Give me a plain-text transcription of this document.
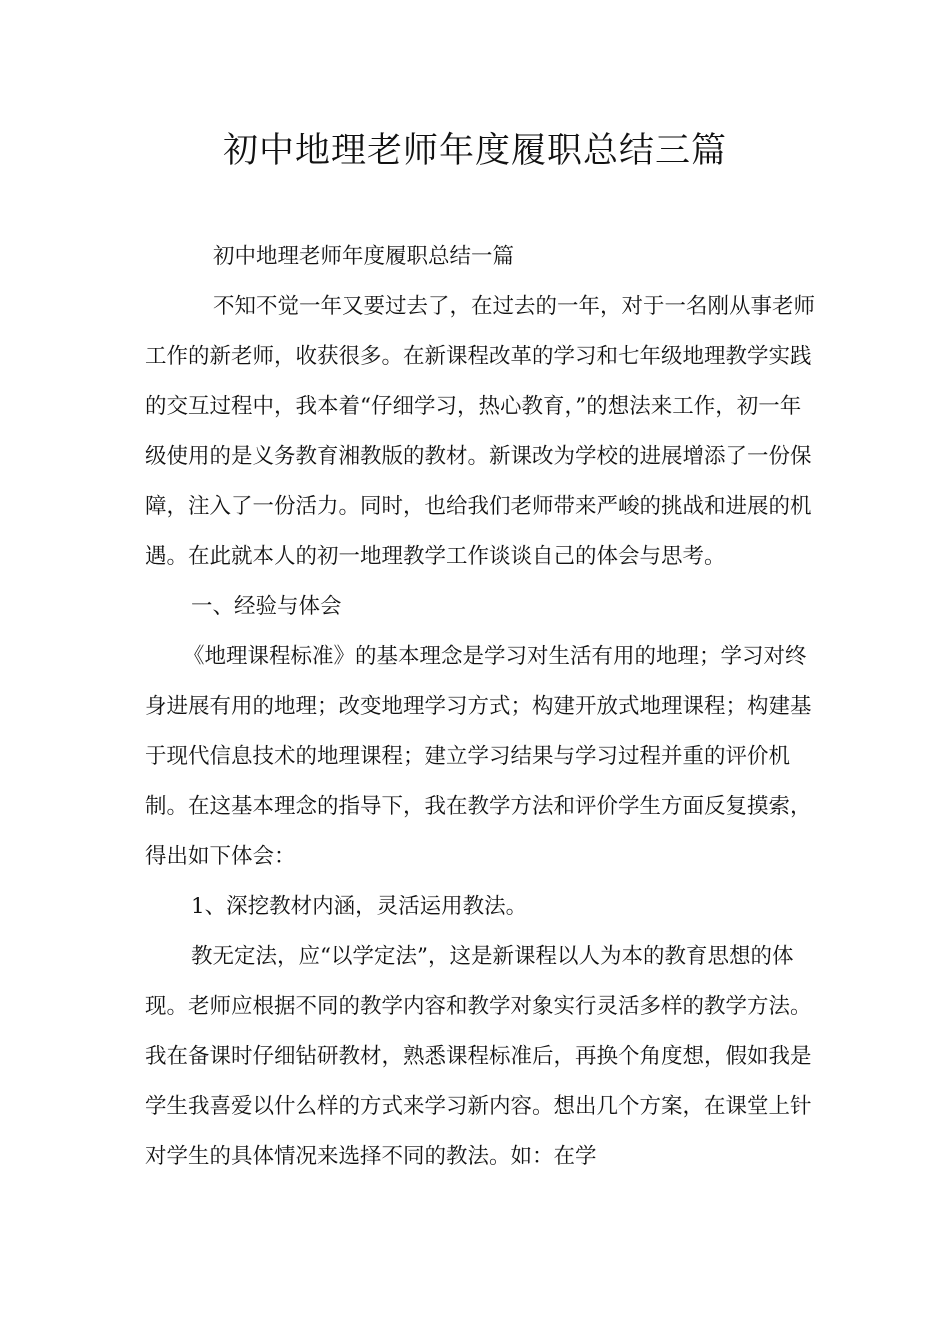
初中地理老师年度履职总结三篇

初中地理老师年度履职总结一篇

不知不觉一年又要过去了，在过去的一年，对于一名刚从事老师工作的新老师，收获很多。在新课程改革的学习和七年级地理教学实践的交互过程中，我本着“仔细学习，热心教育，”的想法来工作，初一年级使用的是义务教育湘教版的教材。新课改为学校的进展增添了一份保障，注入了一份活力。同时，也给我们老师带来严峻的挑战和进展的机遇。在此就本人的初一地理教学工作谈谈自己的体会与思考。

一、经验与体会

《地理课程标准》的基本理念是学习对生活有用的地理；学习对终身进展有用的地理；改变地理学习方式；构建开放式地理课程；构建基于现代信息技术的地理课程；建立学习结果与学习过程并重的评价机制。在这基本理念的指导下，我在教学方法和评价学生方面反复摸索，得出如下体会：

1、深挖教材内涵，灵活运用教法。

教无定法，应“以学定法”，这是新课程以人为本的教育思想的体现。老师应根据不同的教学内容和教学对象实行灵活多样的教学方法。我在备课时仔细钻研教材，熟悉课程标准后，再换个角度想，假如我是学生我喜爱以什么样的方式来学习新内容。想出几个方案，在课堂上针对学生的具体情况来选择不同的教法。如：在学
